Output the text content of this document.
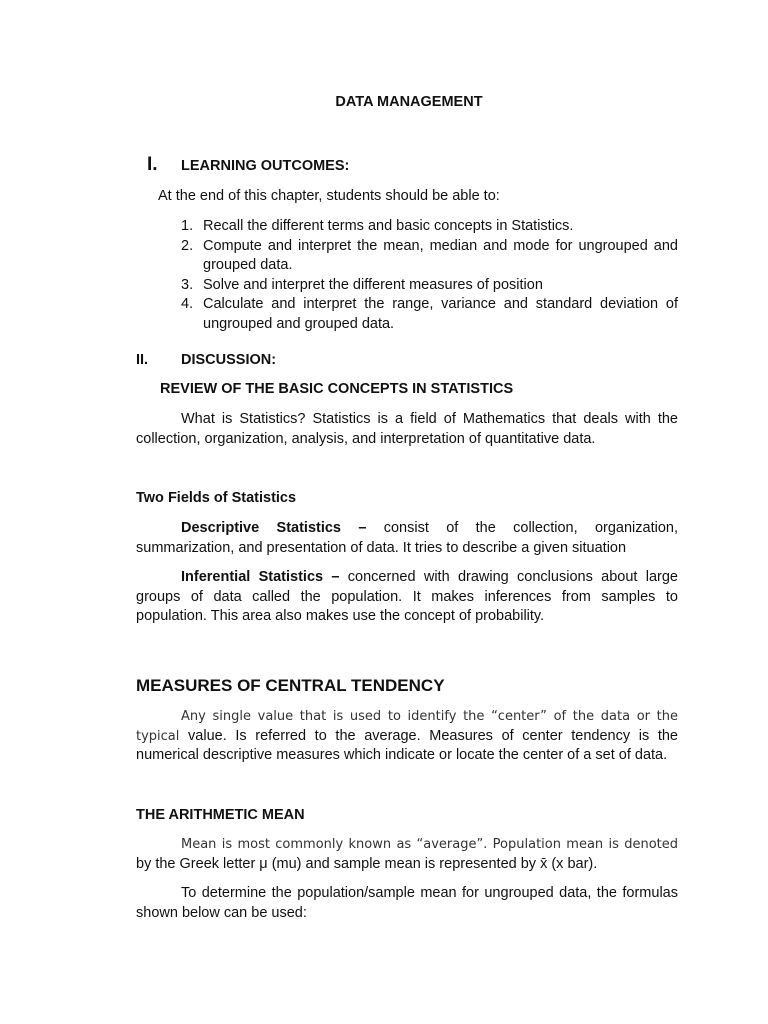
DATA MANAGEMENT
I. LEARNING OUTCOMES:
At the end of this chapter, students should be able to:
1. Recall the different terms and basic concepts in Statistics.
2. Compute and interpret the mean, median and mode for ungrouped and grouped data.
3. Solve and interpret the different measures of position
4. Calculate and interpret the range, variance and standard deviation of ungrouped and grouped data.
II. DISCUSSION:
REVIEW OF THE BASIC CONCEPTS IN STATISTICS
What is Statistics? Statistics is a field of Mathematics that deals with the collection, organization, analysis, and interpretation of quantitative data.
Two Fields of Statistics
Descriptive Statistics – consist of the collection, organization, summarization, and presentation of data. It tries to describe a given situation
Inferential Statistics – concerned with drawing conclusions about large groups of data called the population. It makes inferences from samples to population. This area also makes use the concept of probability.
MEASURES OF CENTRAL TENDENCY
Any single value that is used to identify the “center” of the data or the typical value. Is referred to the average. Measures of center tendency is the numerical descriptive measures which indicate or locate the center of a set of data.
THE ARITHMETIC MEAN
Mean is most commonly known as “average”. Population mean is denoted by the Greek letter μ (mu) and sample mean is represented by x̄ (x bar).
To determine the population/sample mean for ungrouped data, the formulas shown below can be used:
